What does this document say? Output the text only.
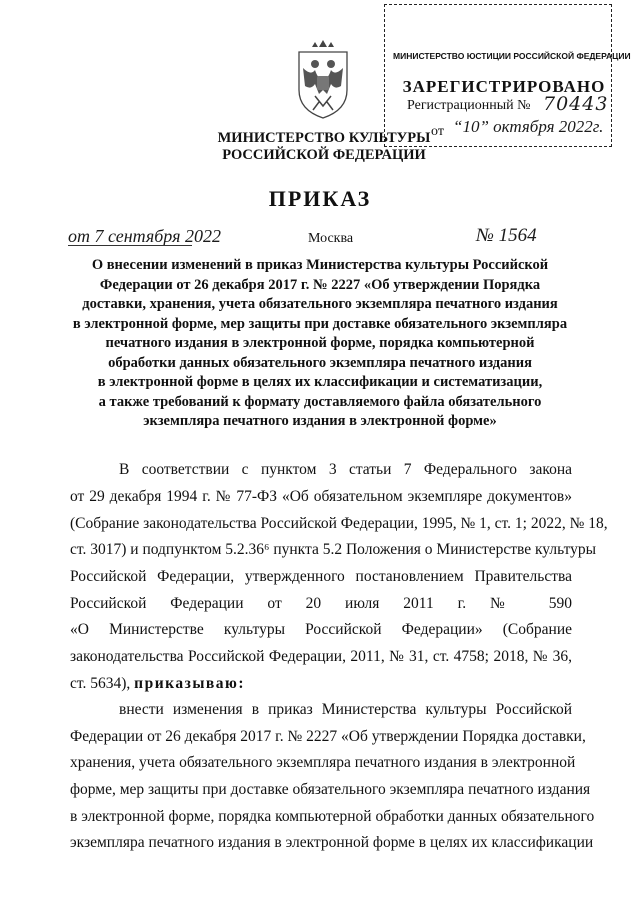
МИНИСТЕРСТВО ЮСТИЦИИ РОССИЙСКОЙ ФЕДЕРАЦИИ
ЗАРЕГИСТРИРОВАНО
Регистрационный № 70443
от “10” октября 2022г.
МИНИСТЕРСТВО КУЛЬТУРЫ
РОССИЙСКОЙ ФЕДЕРАЦИИ
ПРИКАЗ
от 7 сентября 2022	Москва	№ 1564
О внесении изменений в приказ Министерства культуры Российской
Федерации от 26 декабря 2017 г. № 2227 «Об утверждении Порядка
доставки, хранения, учета обязательного экземпляра печатного издания
в электронной форме, мер защиты при доставке обязательного экземпляра
печатного издания в электронной форме, порядка компьютерной
обработки данных обязательного экземпляра печатного издания
в электронной форме в целях их классификации и систематизации,
а также требований к формату доставляемого файла обязательного
экземпляра печатного издания в электронной форме»
В соответствии с пунктом 3 статьи 7 Федерального закона
от 29 декабря 1994 г. № 77-ФЗ «Об обязательном экземпляре документов»
(Собрание законодательства Российской Федерации, 1995, № 1, ст. 1; 2022, № 18,
ст. 3017) и подпунктом 5.2.36⁶ пункта 5.2 Положения о Министерстве культуры
Российской Федерации, утвержденного постановлением Правительства
Российской Федерации от 20 июля 2011 г. № 590
«О Министерстве культуры Российской Федерации» (Собрание
законодательства Российской Федерации, 2011, № 31, ст. 4758; 2018, № 36,
ст. 5634), приказываю:
внести изменения в приказ Министерства культуры Российской
Федерации от 26 декабря 2017 г. № 2227 «Об утверждении Порядка доставки,
хранения, учета обязательного экземпляра печатного издания в электронной
форме, мер защиты при доставке обязательного экземпляра печатного издания
в электронной форме, порядка компьютерной обработки данных обязательного
экземпляра печатного издания в электронной форме в целях их классификации
